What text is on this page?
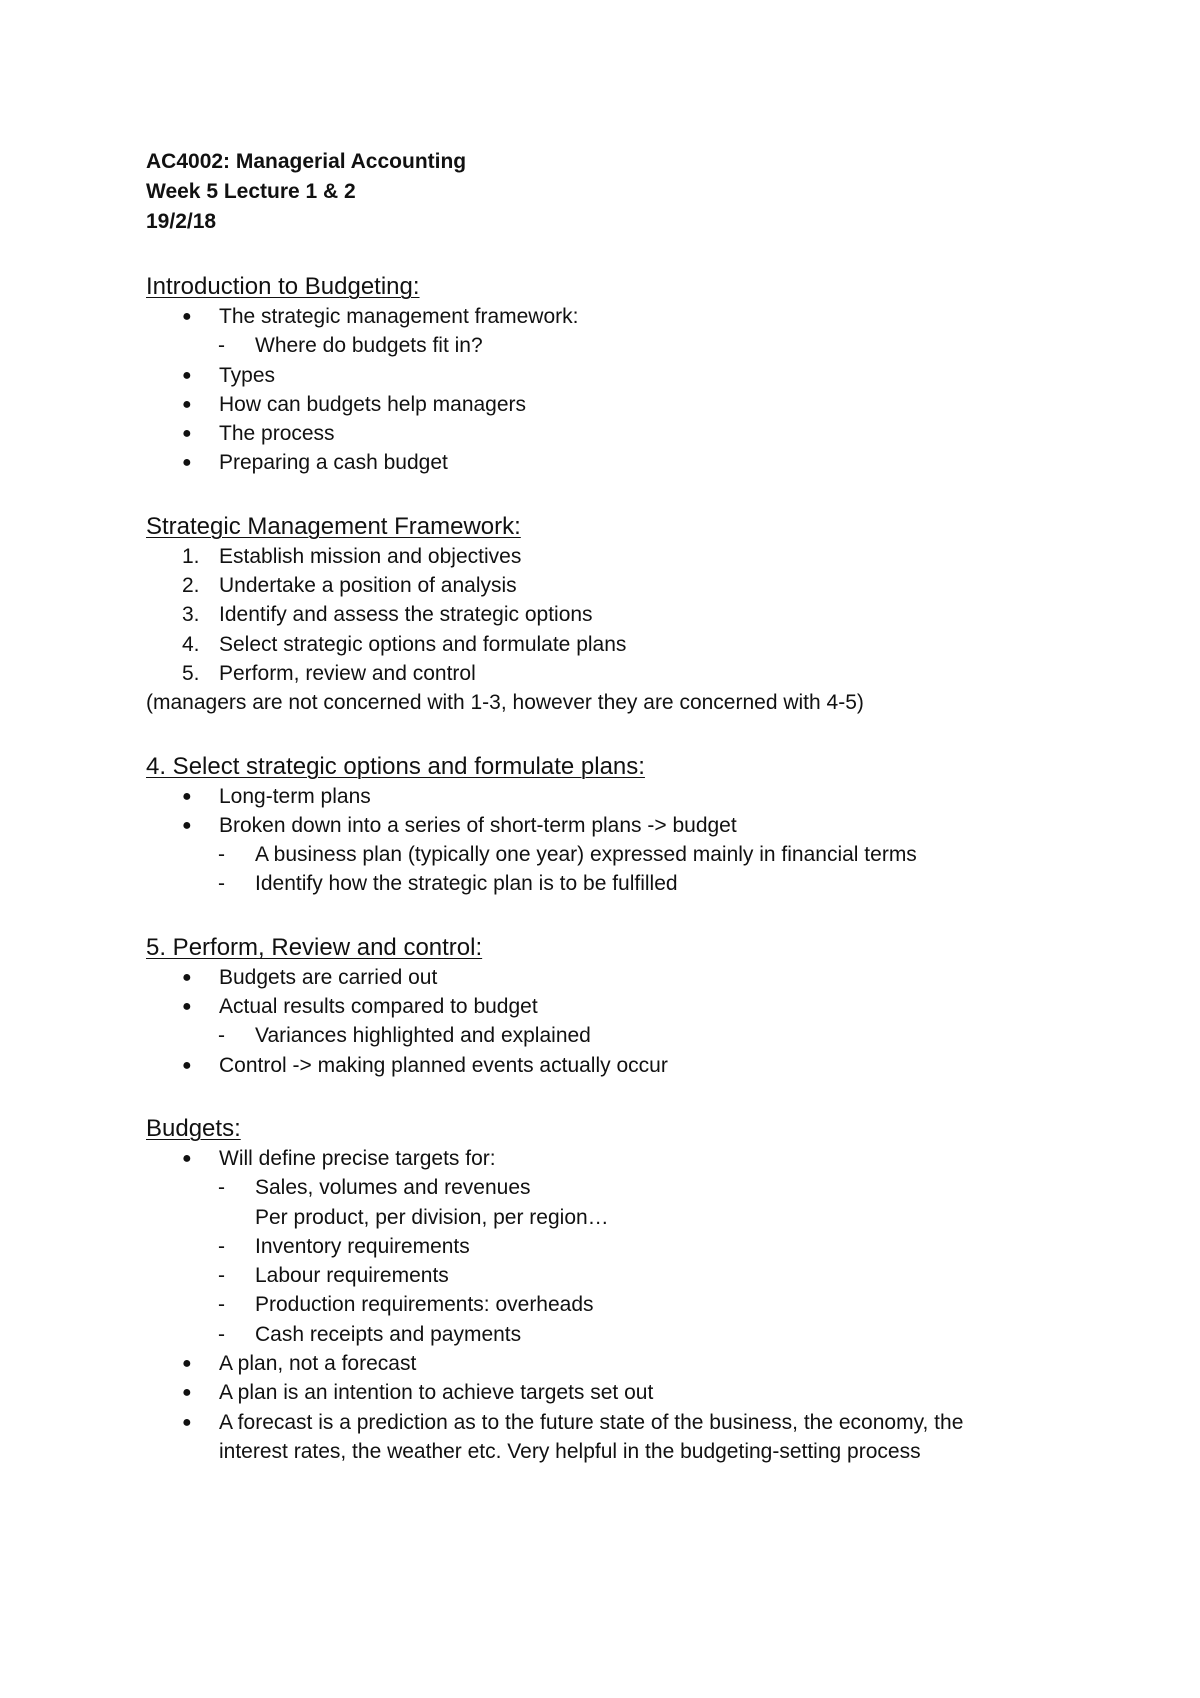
AC4002: Managerial Accounting
Week 5 Lecture 1 & 2
19/2/18
Introduction to Budgeting:
● The strategic management framework:
- Where do budgets fit in?
● Types
● How can budgets help managers
● The process
● Preparing a cash budget
Strategic Management Framework:
1. Establish mission and objectives
2. Undertake a position of analysis
3. Identify and assess the strategic options
4. Select strategic options and formulate plans
5. Perform, review and control
(managers are not concerned with 1-3, however they are concerned with 4-5)
4. Select strategic options and formulate plans:
● Long-term plans
● Broken down into a series of short-term plans -> budget
- A business plan (typically one year) expressed mainly in financial terms
- Identify how the strategic plan is to be fulfilled
5. Perform, Review and control:
● Budgets are carried out
● Actual results compared to budget
- Variances highlighted and explained
● Control -> making planned events actually occur
Budgets:
● Will define precise targets for:
- Sales, volumes and revenues
Per product, per division, per region…
- Inventory requirements
- Labour requirements
- Production requirements: overheads
- Cash receipts and payments
● A plan, not a forecast
● A plan is an intention to achieve targets set out
● A forecast is a prediction as to the future state of the business, the economy, the
interest rates, the weather etc. Very helpful in the budgeting-setting process
